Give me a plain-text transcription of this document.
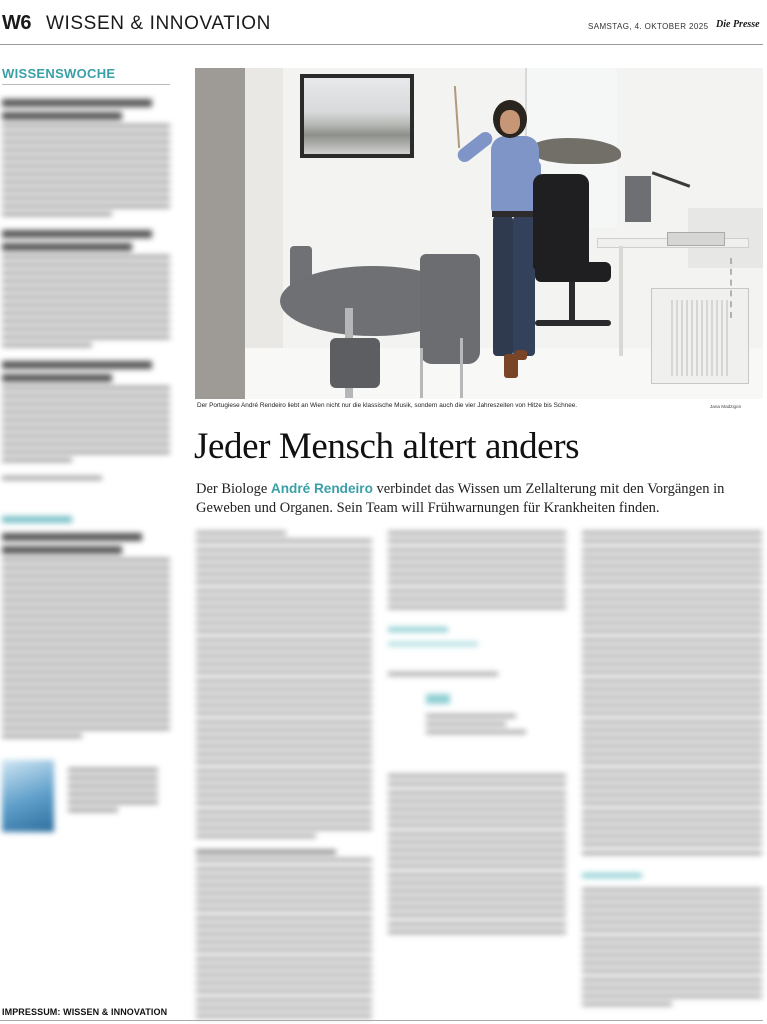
W6 WISSEN & INNOVATION	SAMSTAG, 4. OKTOBER 2025 Die Presse
WISSENSWOCHE

Der Portugiese André Rendeiro liebt an Wien nicht nur die klassische Musik, sondern auch die vier Jahreszeiten von Hitze bis Schnee.	Jana Madzigon
Jeder Mensch altert anders

Der Biologe André Rendeiro verbindet das Wissen um Zellalterung mit den Vorgängen in Geweben und Organen. Sein Team will Frühwarnungen für Krankheiten finden.

IMPRESSUM: WISSEN & INNOVATION
